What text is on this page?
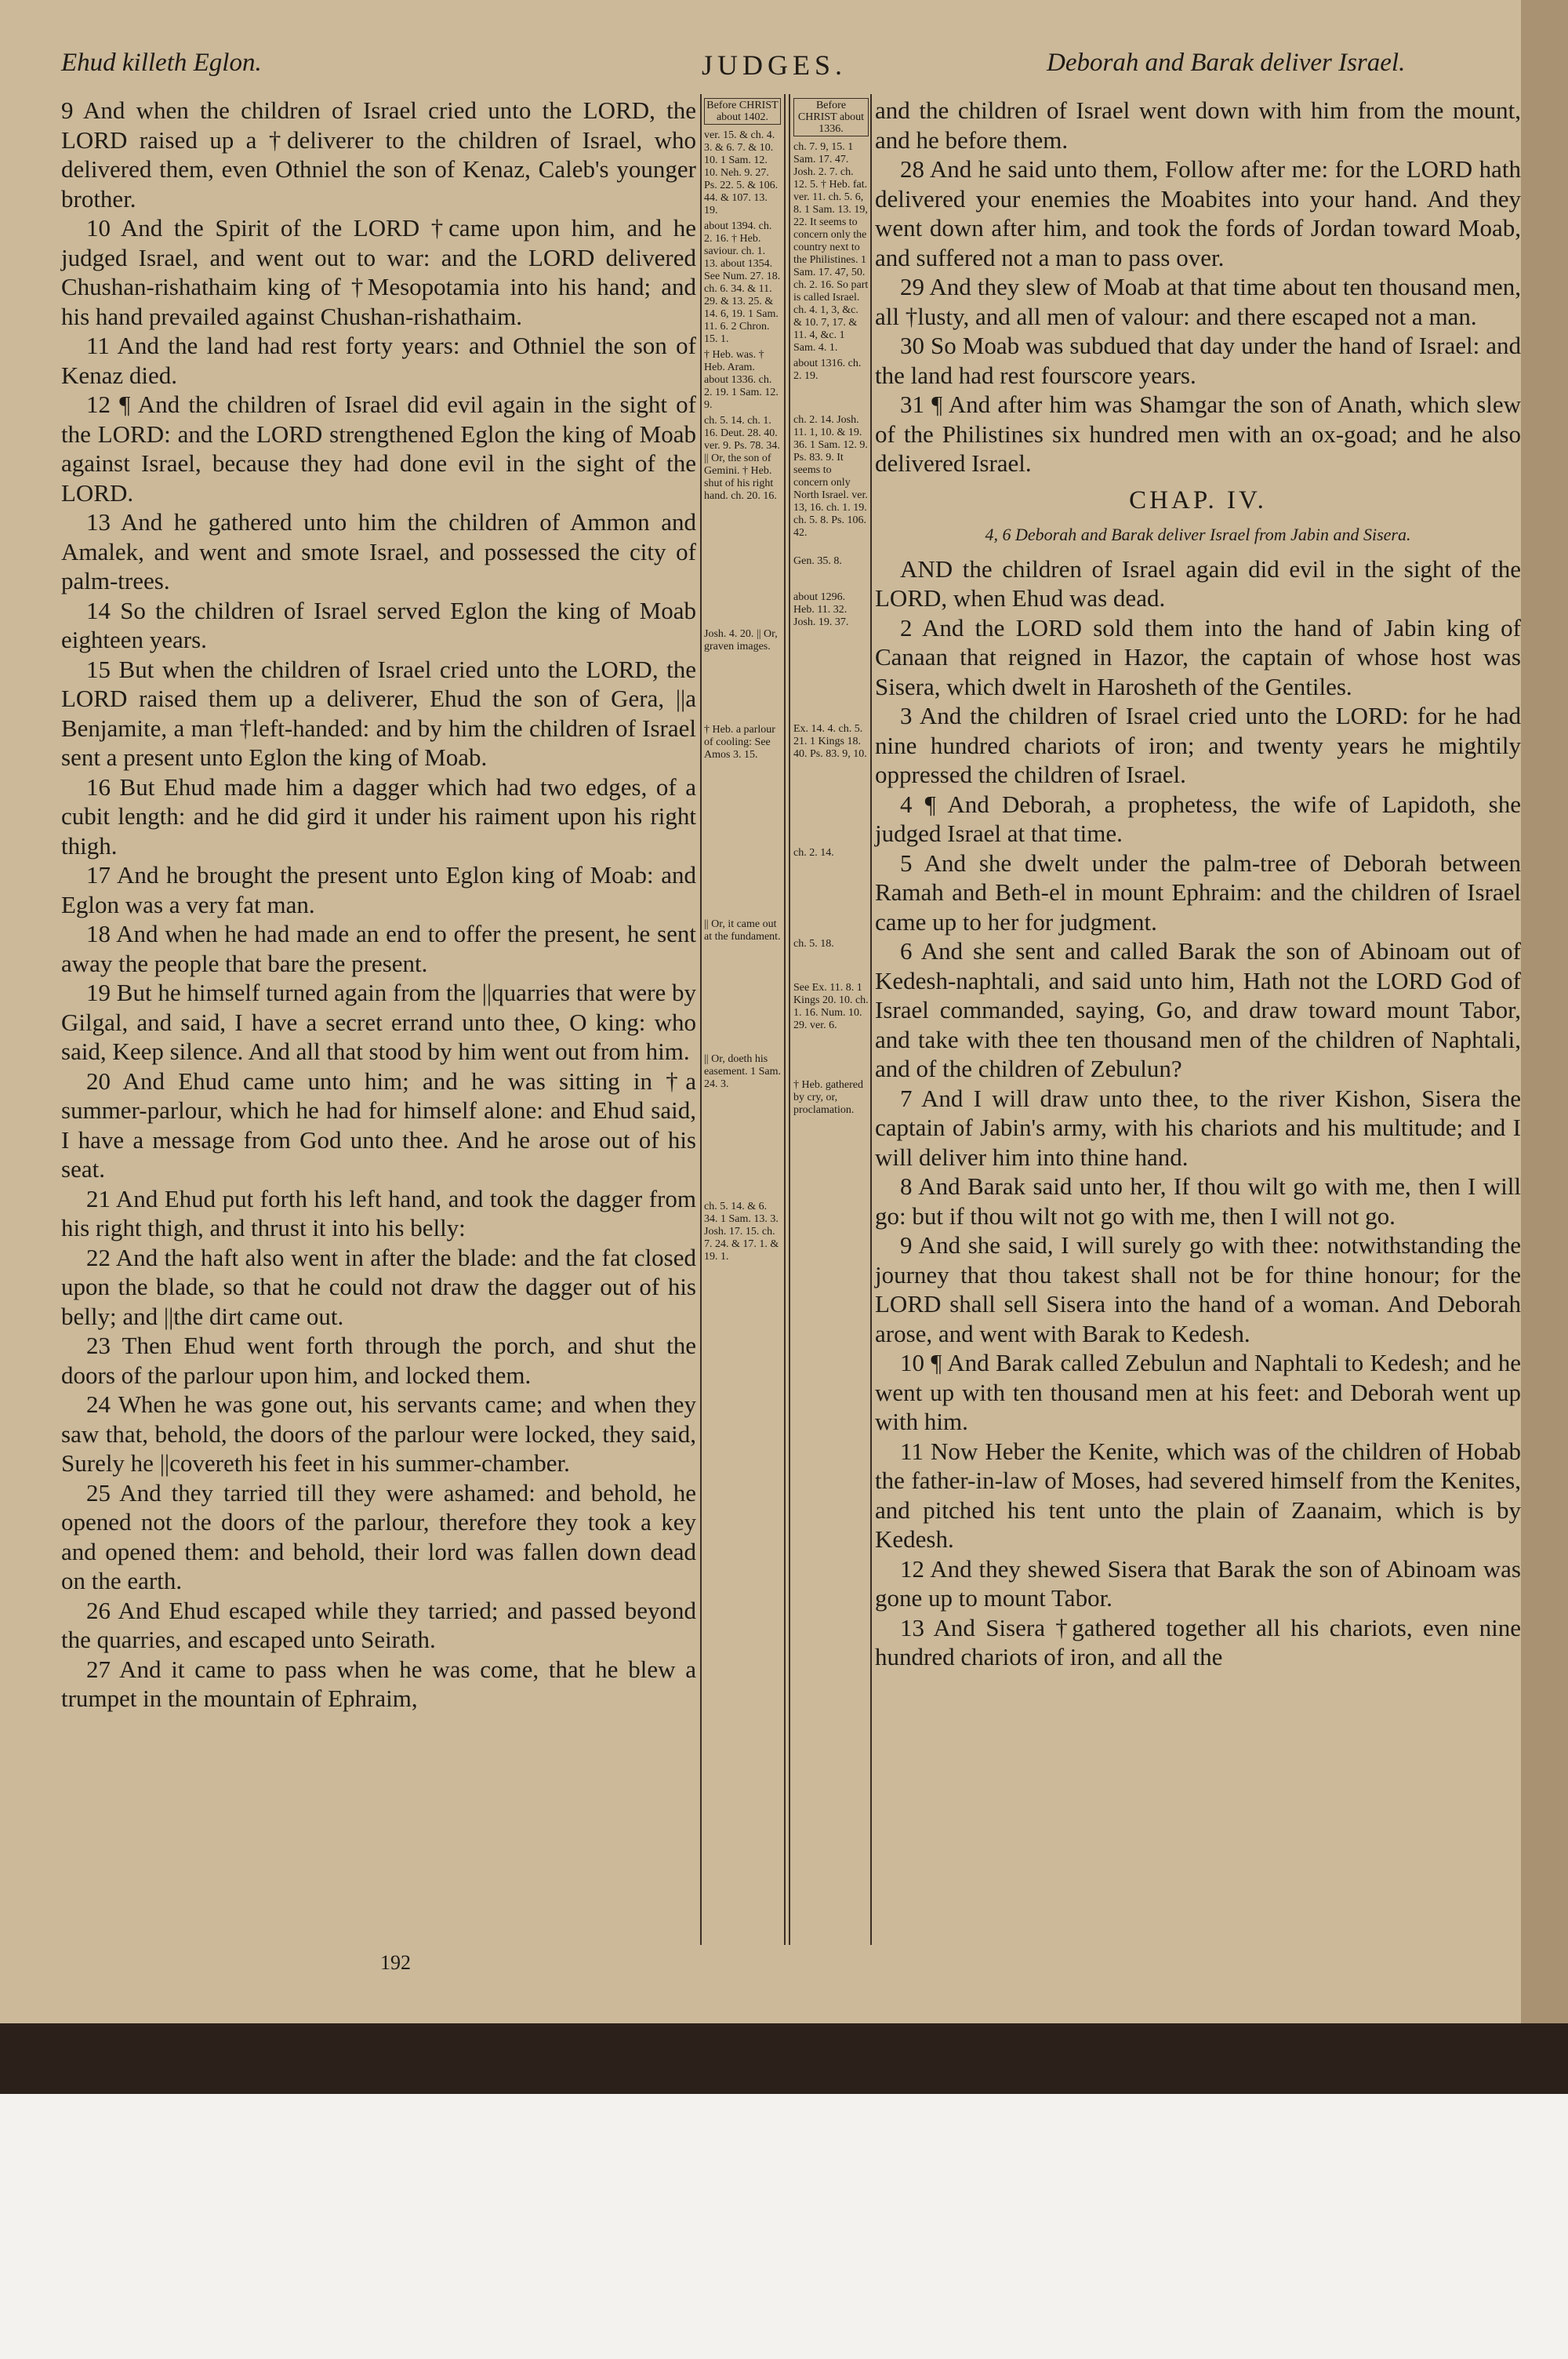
Ehud killeth Eglon.	JUDGES.	Deborah and Barak deliver Israel.

9 And when the children of Israel cried unto the LORD, the LORD raised up a †deliverer to the children of Israel, who delivered them, even Othniel the son of Kenaz, Caleb's younger brother.

10 And the Spirit of the LORD †came upon him, and he judged Israel, and went out to war: and the LORD delivered Chushan-rishathaim king of †Mesopotamia into his hand; and his hand prevailed against Chushan-rishathaim.

11 And the land had rest forty years: and Othniel the son of Kenaz died.

12 ¶ And the children of Israel did evil again in the sight of the LORD: and the LORD strengthened Eglon the king of Moab against Israel, because they had done evil in the sight of the LORD.

13 And he gathered unto him the children of Ammon and Amalek, and went and smote Israel, and possessed the city of palm-trees.

14 So the children of Israel served Eglon the king of Moab eighteen years.

15 But when the children of Israel cried unto the LORD, the LORD raised them up a deliverer, Ehud the son of Gera, ||a Benjamite, a man †left-handed: and by him the children of Israel sent a present unto Eglon the king of Moab.

16 But Ehud made him a dagger which had two edges, of a cubit length: and he did gird it under his raiment upon his right thigh.

17 And he brought the present unto Eglon king of Moab: and Eglon was a very fat man.

18 And when he had made an end to offer the present, he sent away the people that bare the present.

19 But he himself turned again from the ||quarries that were by Gilgal, and said, I have a secret errand unto thee, O king: who said, Keep silence. And all that stood by him went out from him.

20 And Ehud came unto him; and he was sitting in †a summer-parlour, which he had for himself alone: and Ehud said, I have a message from God unto thee. And he arose out of his seat.

21 And Ehud put forth his left hand, and took the dagger from his right thigh, and thrust it into his belly:

22 And the haft also went in after the blade: and the fat closed upon the blade, so that he could not draw the dagger out of his belly; and ||the dirt came out.

23 Then Ehud went forth through the porch, and shut the doors of the parlour upon him, and locked them.

24 When he was gone out, his servants came; and when they saw that, behold, the doors of the parlour were locked, they said, Surely he ||covereth his feet in his summer-chamber.

25 And they tarried till they were ashamed: and behold, he opened not the doors of the parlour, therefore they took a key and opened them: and behold, their lord was fallen down dead on the earth.

26 And Ehud escaped while they tarried; and passed beyond the quarries, and escaped unto Seirath.

27 And it came to pass when he was come, that he blew a trumpet in the mountain of Ephraim,

Before CHRIST about 1402.
ver. 15. & ch. 4. 3. & 6. 7. & 10. 10. 1 Sam. 12. 10. Neh. 9. 27. Ps. 22. 5. & 106. 44. & 107. 13. 19.
about 1394. ch. 2. 16. † Heb. saviour. ch. 1. 13. about 1354. See Num. 27. 18. ch. 6. 34. & 11. 29. & 13. 25. & 14. 6, 19. 1 Sam. 11. 6. 2 Chron. 15. 1.
† Heb. was. † Heb. Aram. about 1336. ch. 2. 19. 1 Sam. 12. 9.
ch. 5. 14. ch. 1. 16. Deut. 28. 40. ver. 9. Ps. 78. 34. || Or, the son of Gemini. † Heb. shut of his right hand. ch. 20. 16.
Josh. 4. 20. || Or, graven images.
† Heb. a parlour of cooling: See Amos 3. 15.
|| Or, it came out at the fundament.
|| Or, doeth his easement. 1 Sam. 24. 3.
ch. 5. 14. & 6. 34. 1 Sam. 13. 3. Josh. 17. 15. ch. 7. 24. & 17. 1. & 19. 1.
Before CHRIST about 1336.
ch. 7. 9, 15. 1 Sam. 17. 47. Josh. 2. 7. ch. 12. 5. † Heb. fat. ver. 11. ch. 5. 6, 8. 1 Sam. 13. 19, 22. It seems to concern only the country next to the Philistines. 1 Sam. 17. 47, 50. ch. 2. 16. So part is called Israel. ch. 4. 1, 3, &c. & 10. 7, 17. & 11. 4, &c. 1 Sam. 4. 1.
about 1316. ch. 2. 19.
ch. 2. 14. Josh. 11. 1, 10. & 19. 36. 1 Sam. 12. 9. Ps. 83. 9. It seems to concern only North Israel. ver. 13, 16. ch. 1. 19. ch. 5. 8. Ps. 106. 42.
Gen. 35. 8.
about 1296. Heb. 11. 32. Josh. 19. 37.
Ex. 14. 4. ch. 5. 21. 1 Kings 18. 40. Ps. 83. 9, 10.
ch. 2. 14.
ch. 5. 18.
See Ex. 11. 8. 1 Kings 20. 10. ch. 1. 16. Num. 10. 29. ver. 6.
† Heb. gathered by cry, or, proclamation.

and the children of Israel went down with him from the mount, and he before them.

28 And he said unto them, Follow after me: for the LORD hath delivered your enemies the Moabites into your hand. And they went down after him, and took the fords of Jordan toward Moab, and suffered not a man to pass over.

29 And they slew of Moab at that time about ten thousand men, all †lusty, and all men of valour: and there escaped not a man.

30 So Moab was subdued that day under the hand of Israel: and the land had rest fourscore years.

31 ¶ And after him was Shamgar the son of Anath, which slew of the Philistines six hundred men with an ox-goad; and he also delivered Israel.

CHAP. IV.
4, 6 Deborah and Barak deliver Israel from Jabin and Sisera.

AND the children of Israel again did evil in the sight of the LORD, when Ehud was dead.

2 And the LORD sold them into the hand of Jabin king of Canaan that reigned in Hazor, the captain of whose host was Sisera, which dwelt in Harosheth of the Gentiles.

3 And the children of Israel cried unto the LORD: for he had nine hundred chariots of iron; and twenty years he mightily oppressed the children of Israel.

4 ¶ And Deborah, a prophetess, the wife of Lapidoth, she judged Israel at that time.

5 And she dwelt under the palm-tree of Deborah between Ramah and Beth-el in mount Ephraim: and the children of Israel came up to her for judgment.

6 And she sent and called Barak the son of Abinoam out of Kedesh-naphtali, and said unto him, Hath not the LORD God of Israel commanded, saying, Go, and draw toward mount Tabor, and take with thee ten thousand men of the children of Naphtali, and of the children of Zebulun?

7 And I will draw unto thee, to the river Kishon, Sisera the captain of Jabin's army, with his chariots and his multitude; and I will deliver him into thine hand.

8 And Barak said unto her, If thou wilt go with me, then I will go: but if thou wilt not go with me, then I will not go.

9 And she said, I will surely go with thee: notwithstanding the journey that thou takest shall not be for thine honour; for the LORD shall sell Sisera into the hand of a woman. And Deborah arose, and went with Barak to Kedesh.

10 ¶ And Barak called Zebulun and Naphtali to Kedesh; and he went up with ten thousand men at his feet: and Deborah went up with him.

11 Now Heber the Kenite, which was of the children of Hobab the father-in-law of Moses, had severed himself from the Kenites, and pitched his tent unto the plain of Zaanaim, which is by Kedesh.

12 And they shewed Sisera that Barak the son of Abinoam was gone up to mount Tabor.

13 And Sisera †gathered together all his chariots, even nine hundred chariots of iron, and all the

192
